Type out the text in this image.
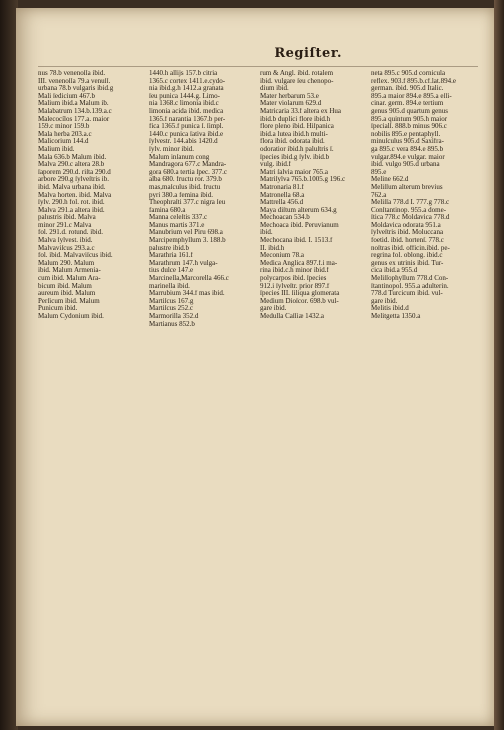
Regiſter.
nus 78.b venenoſſa ibid.
III. venenoſſa 79.a venuſſ.
urbana 78.b vulgaris ibid.g
Mali ſedicium 467.b
Malium ibid.a Malum ib.
Malabatrum 134.b.139.a.c
Malecocílos 177.a. maior
159.c minor 159.b
Mala herba 203.a.c
Malicorium 144.d
Malium ibid.
Mala 636.b Malum ibid.
Malva 290.c altera 28.b
ſaporem 290.d. riſta 290.d
arbore 290.g ſylveſtris ib.
ibid. Malva urbana ibid.
Malva horten. ibid. Malva
ſylv. 290.h fol. rot. ibid.
Malva 291.a altera ibid.
palustris ibid. Malva
minor 291.c Malva
fol. 291.d. rotund. ibid.
Malva ſylvest. ibid.
Malvaviſcus 293.a.c
fol. ibid. Malvaviſcus ibid.
Malum 290. Malum
ibid. Malum Armenia-
cum ibid. Malum Ara-
bicum ibid. Malum
aureum ibid. Malum
Perſicum ibid. Malum
Punicum ibid.
Malum Cydonium ibid.
1440.h allijs 157.b citria
1365.c cortex 1411.e.cydo-
nia ibid.g.h 1412.a granata
ſeu punica 1444.g. Limo-
nia 1368.c limonia ibid.c
limonia acida ibid. medica
1365.f narantia 1367.b per-
fica 1365.f punica ſ. ſimpl.
1440.c punica ſativa ibid.e
ſylvestr. 144.abis 1420.d
ſylv. minor ibid.
Malum inſanum cong
Mandragora 677.c Mandra-
gora 680.a tertia ſpec. 377.c
alba 680. fructu ror. 379.b
mas,maſculus ibid. fructu
pyri 380.a femina ibid.
Theophraſti 377.c nigra ſeu
famina 680.a
Manna celeſtis 337.c
Manus martis 371.e
Manubrium vel Piru 698.a
Marcipemphyllum 3. 188.b
palustre ibid.b
Marathria 161.f
Marathrum 147.h vulga-
tius dulce 147.e
Marcinella,Marcorella 466.c
marinella ibid.
Marrubium 344.f mas ibid.
Martiſcus 167.g
Martiſcus 252.c
Marmorilla 352.d
Martianus 852.b
rum & Angl. ibid. rotalem
ibid. vulgare ſeu chenopo-
dium ibid.
Mater herbarum 53.e
Mater violarum 629.d
Matricaria 33.f altera ex Hua
ibid.b duplici flore ibid.h
flore pleno ibid. Hiſpanica
ibid.a lutea ibid.h multi-
flora ibid. odorata ibid.
odoratior ibid.h paluſtris ſ.
ſpecies ibid.g ſylv. ibid.b
vulg. ibid.f
Matri ſalvia maior 765.a
Matriſylva 765.b.1005.g 196.c
Matronaria 81.f
Matronella 68.a
Mattrella 456.d
Maya diſtum alterum 634.g
Mechoacan 534.b
Mechoaca ibid. Peruvianum
ibid.
Mechocana ibid. I. 1513.f
II. ibid.h
Meconium 78.a
Medica Anglica 897.f.i ma-
rina ibid.c.h minor ibid.f
polycarpos ibid. ſpecies
912.i ſylveſtr. prior 897.f
ſpecies III. ſiliqua glomerata
Medium Dioſcor. 698.b vul-
gare ibid.
Medulla Caſſiæ 1432.a
neta 895.c 905.d cornicula
reflex. 903.f 895.b.cf.lat.894.e
german. ibid. 905.d Italic.
895.a maior 894.e 895.a eſſi-
cinar. germ. 894.e tertium
genus 905.d quartum genus
895.a quintum 905.h maior
ſpecialſ. 888.b minus 906.c
nobilis 895.e pentaphyll.
minuſculus 905.d Saxifra-
ga 895.c vera 894.e 895.b
vulgar.894.e vulgar. maior
ibid. vulgo 905.d urbana
895.e
Meline 662.d
Meliſſum alterum brevius
762.a
Meliſſa 778.d I. 777.g 778.c
Conſtantinop. 955.a dome-
ſtica 778.c Moldavica 778.d
Moldavica odorata 951.a
ſylveſtris ibid. Moluccana
foetid. ibid. hortenſ. 778.c
noſtras ibid. officin.ibid. pe-
regrina fol. oblong. ibid.c
genus ex utrinis ibid. Tur-
cica ibid.a 955.d
Meliſſophyllum 778.d Con-
ſtantinopol. 955.a adulterin.
778.d Turcicum ibid. vul-
gare ibid.
Melitis ibid.d
Melitgetta 1350.a
